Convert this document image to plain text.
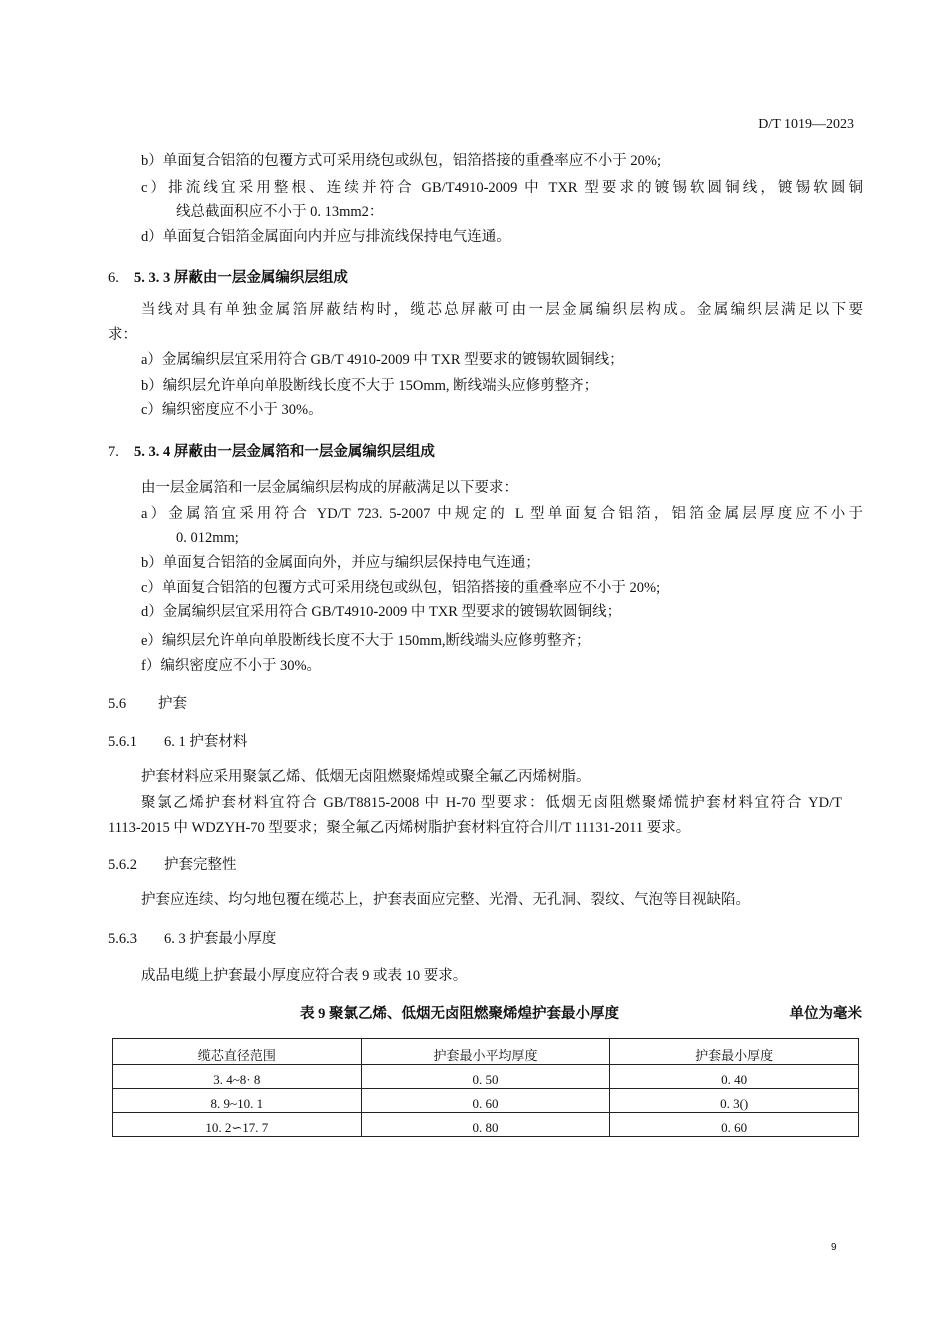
D/T 1019—2023
b）单面复合铝箔的包覆方式可采用绕包或纵包，铝箔搭接的重叠率应不小于 20%;
c）排流线宜采用整根、连续并符合 GB/T4910-2009 中 TXR 型要求的镀锡软圆铜线，镀锡软圆铜
线总截面积应不小于 0. 13mm2：
d）单面复合铝箔金属面向内并应与排流线保持电气连通。
6. 5. 3. 3 屏蔽由一层金属编织层组成
当线对具有单独金属箔屏蔽结构时，缆芯总屏蔽可由一层金属编织层构成。金属编织层满足以下要
求：
a）金属编织层宜采用符合 GB/T 4910-2009 中 TXR 型要求的镀锡软圆铜线；
b）编织层允许单向单股断线长度不大于 15Omm, 断线端头应修剪整齐；
c）编织密度应不小于 30%。
7. 5. 3. 4 屏蔽由一层金属箔和一层金属编织层组成
由一层金属箔和一层金属编织层构成的屏蔽满足以下要求：
a）金属箔宜采用符合 YD/T 723. 5-2007 中规定的 L 型单面复合铝箔，铝箔金属层厚度应不小于
0. 012mm;
b）单面复合铝箔的金属面向外，并应与编织层保持电气连通；
c）单面复合铝箔的包覆方式可采用绕包或纵包，铝箔搭接的重叠率应不小于 20%;
d）金属编织层宜采用符合 GB/T4910-2009 中 TXR 型要求的镀锡软圆铜线；
e）编织层允许单向单股断线长度不大于 150mm,断线端头应修剪整齐；
f）编织密度应不小于 30%。
5.6 护套
5.6.1 6. 1 护套材料
护套材料应采用聚氯乙烯、低烟无卤阻燃聚烯煌或聚全氟乙丙烯树脂。
聚氯乙烯护套材料宜符合 GB/T8815-2008 中 H-70 型要求：低烟无卤阻燃聚烯慌护套材料宜符合 YD/T
1113-2015 中 WDZYH-70 型要求；聚全氟乙丙烯树脂护套材料宜符合川/T 11131-2011 要求。
5.6.2 护套完整性
护套应连续、均匀地包覆在缆芯上，护套表面应完整、光滑、无孔洞、裂纹、气泡等目视缺陷。
5.6.3 6. 3 护套最小厚度
成品电缆上护套最小厚度应符合表 9 或表 10 要求。
表 9 聚氯乙烯、低烟无卤阻燃聚烯煌护套最小厚度	单位为毫米
缆芯直径范围	护套最小平均厚度	护套最小厚度
3. 4~8· 8	0. 50	0. 40
8. 9~10. 1	0. 60	0. 3()
10. 2∽17. 7	0. 80	0. 60
9
